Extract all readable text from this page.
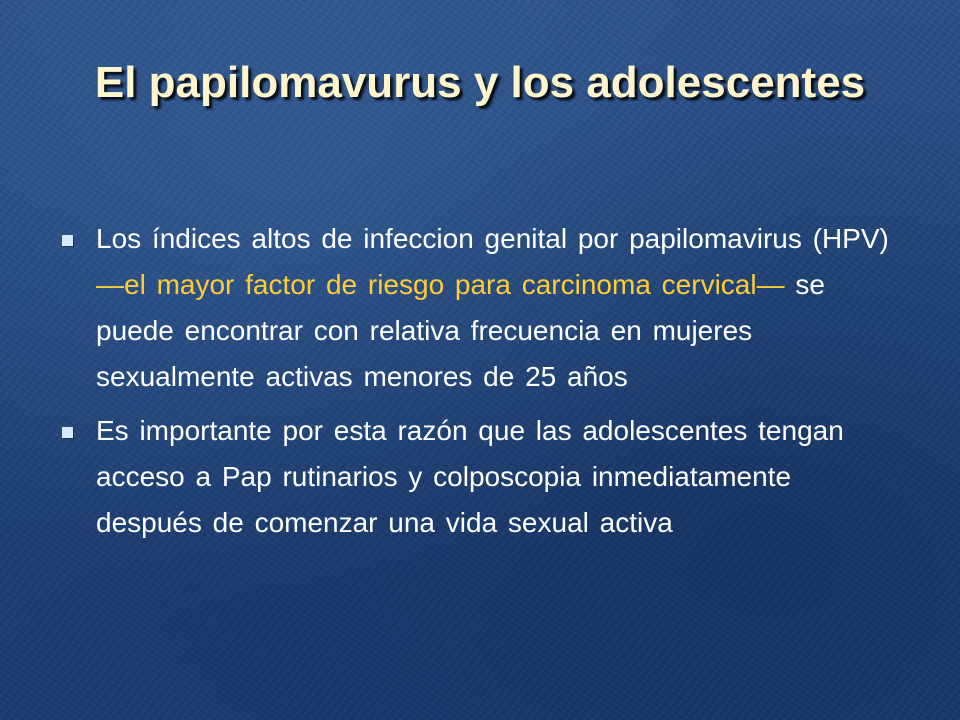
El papilomavurus y los adolescentes
Los índices altos de infeccion genital por papilomavirus (HPV) —el mayor factor de riesgo para carcinoma cervical— se puede encontrar con relativa frecuencia en mujeres sexualmente activas menores de 25 años
Es importante por esta razón que las adolescentes tengan acceso a Pap rutinarios y colposcopia inmediatamente después de comenzar una vida sexual activa
